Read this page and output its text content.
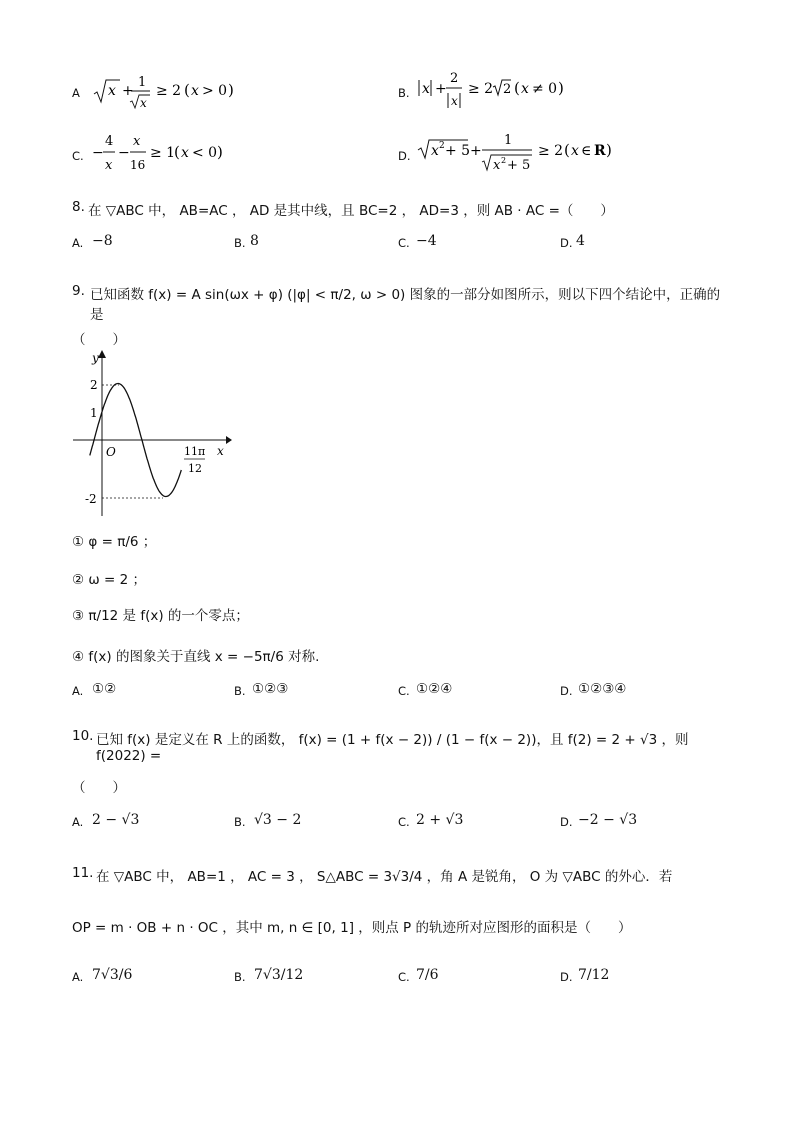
A x +
1
x
≥ 2 ( x > 0 )	B. x +
2
x
≥ 2 2 ( x ≠ 0 )
C. −
4
x
−
x
16
≥ 1
( x < 0 )	D. x 2 + 5 +
1
x 2 + 5
≥ 2 ( x ∈ R )
8. 在 ▽ABC 中， AB=AC ， AD 是其中线，且 BC=2 ， AD=3 ，则 AB · AC =（　　）
A. −8	B. 8	C. −4	D. 4
9. 已知函数 f(x) = A sin(ωx + φ) (|φ| < π/2, ω > 0) 图象的一部分如图所示，则以下四个结论中，正确的是
（　　）
y
x
O
2
1
-2
11π
12
① φ = π/6 ；
② ω = 2 ；
③ π/12 是 f(x) 的一个零点；
④ f(x) 的图象关于直线 x = −5π/6 对称.
A. ①②	B. ①②③	C. ①②④	D. ①②③④
10. 已知 f(x) 是定义在 R 上的函数， f(x) = (1 + f(x − 2)) / (1 − f(x − 2))，且 f(2) = 2 + √3 ，则 f(2022) =
（　　）
A. 2 − √3	B. √3 − 2	C. 2 + √3	D. −2 − √3
11. 在 ▽ABC 中， AB=1 ， AC = 3 ， S△ABC = 3√3/4 ，角 A 是锐角， O 为 ▽ABC 的外心．若
OP = m · OB + n · OC ，其中 m, n ∈ [0, 1] ，则点 P 的轨迹所对应图形的面积是（　　）
A. 7√3/6	B. 7√3/12	C. 7/6	D. 7/12
